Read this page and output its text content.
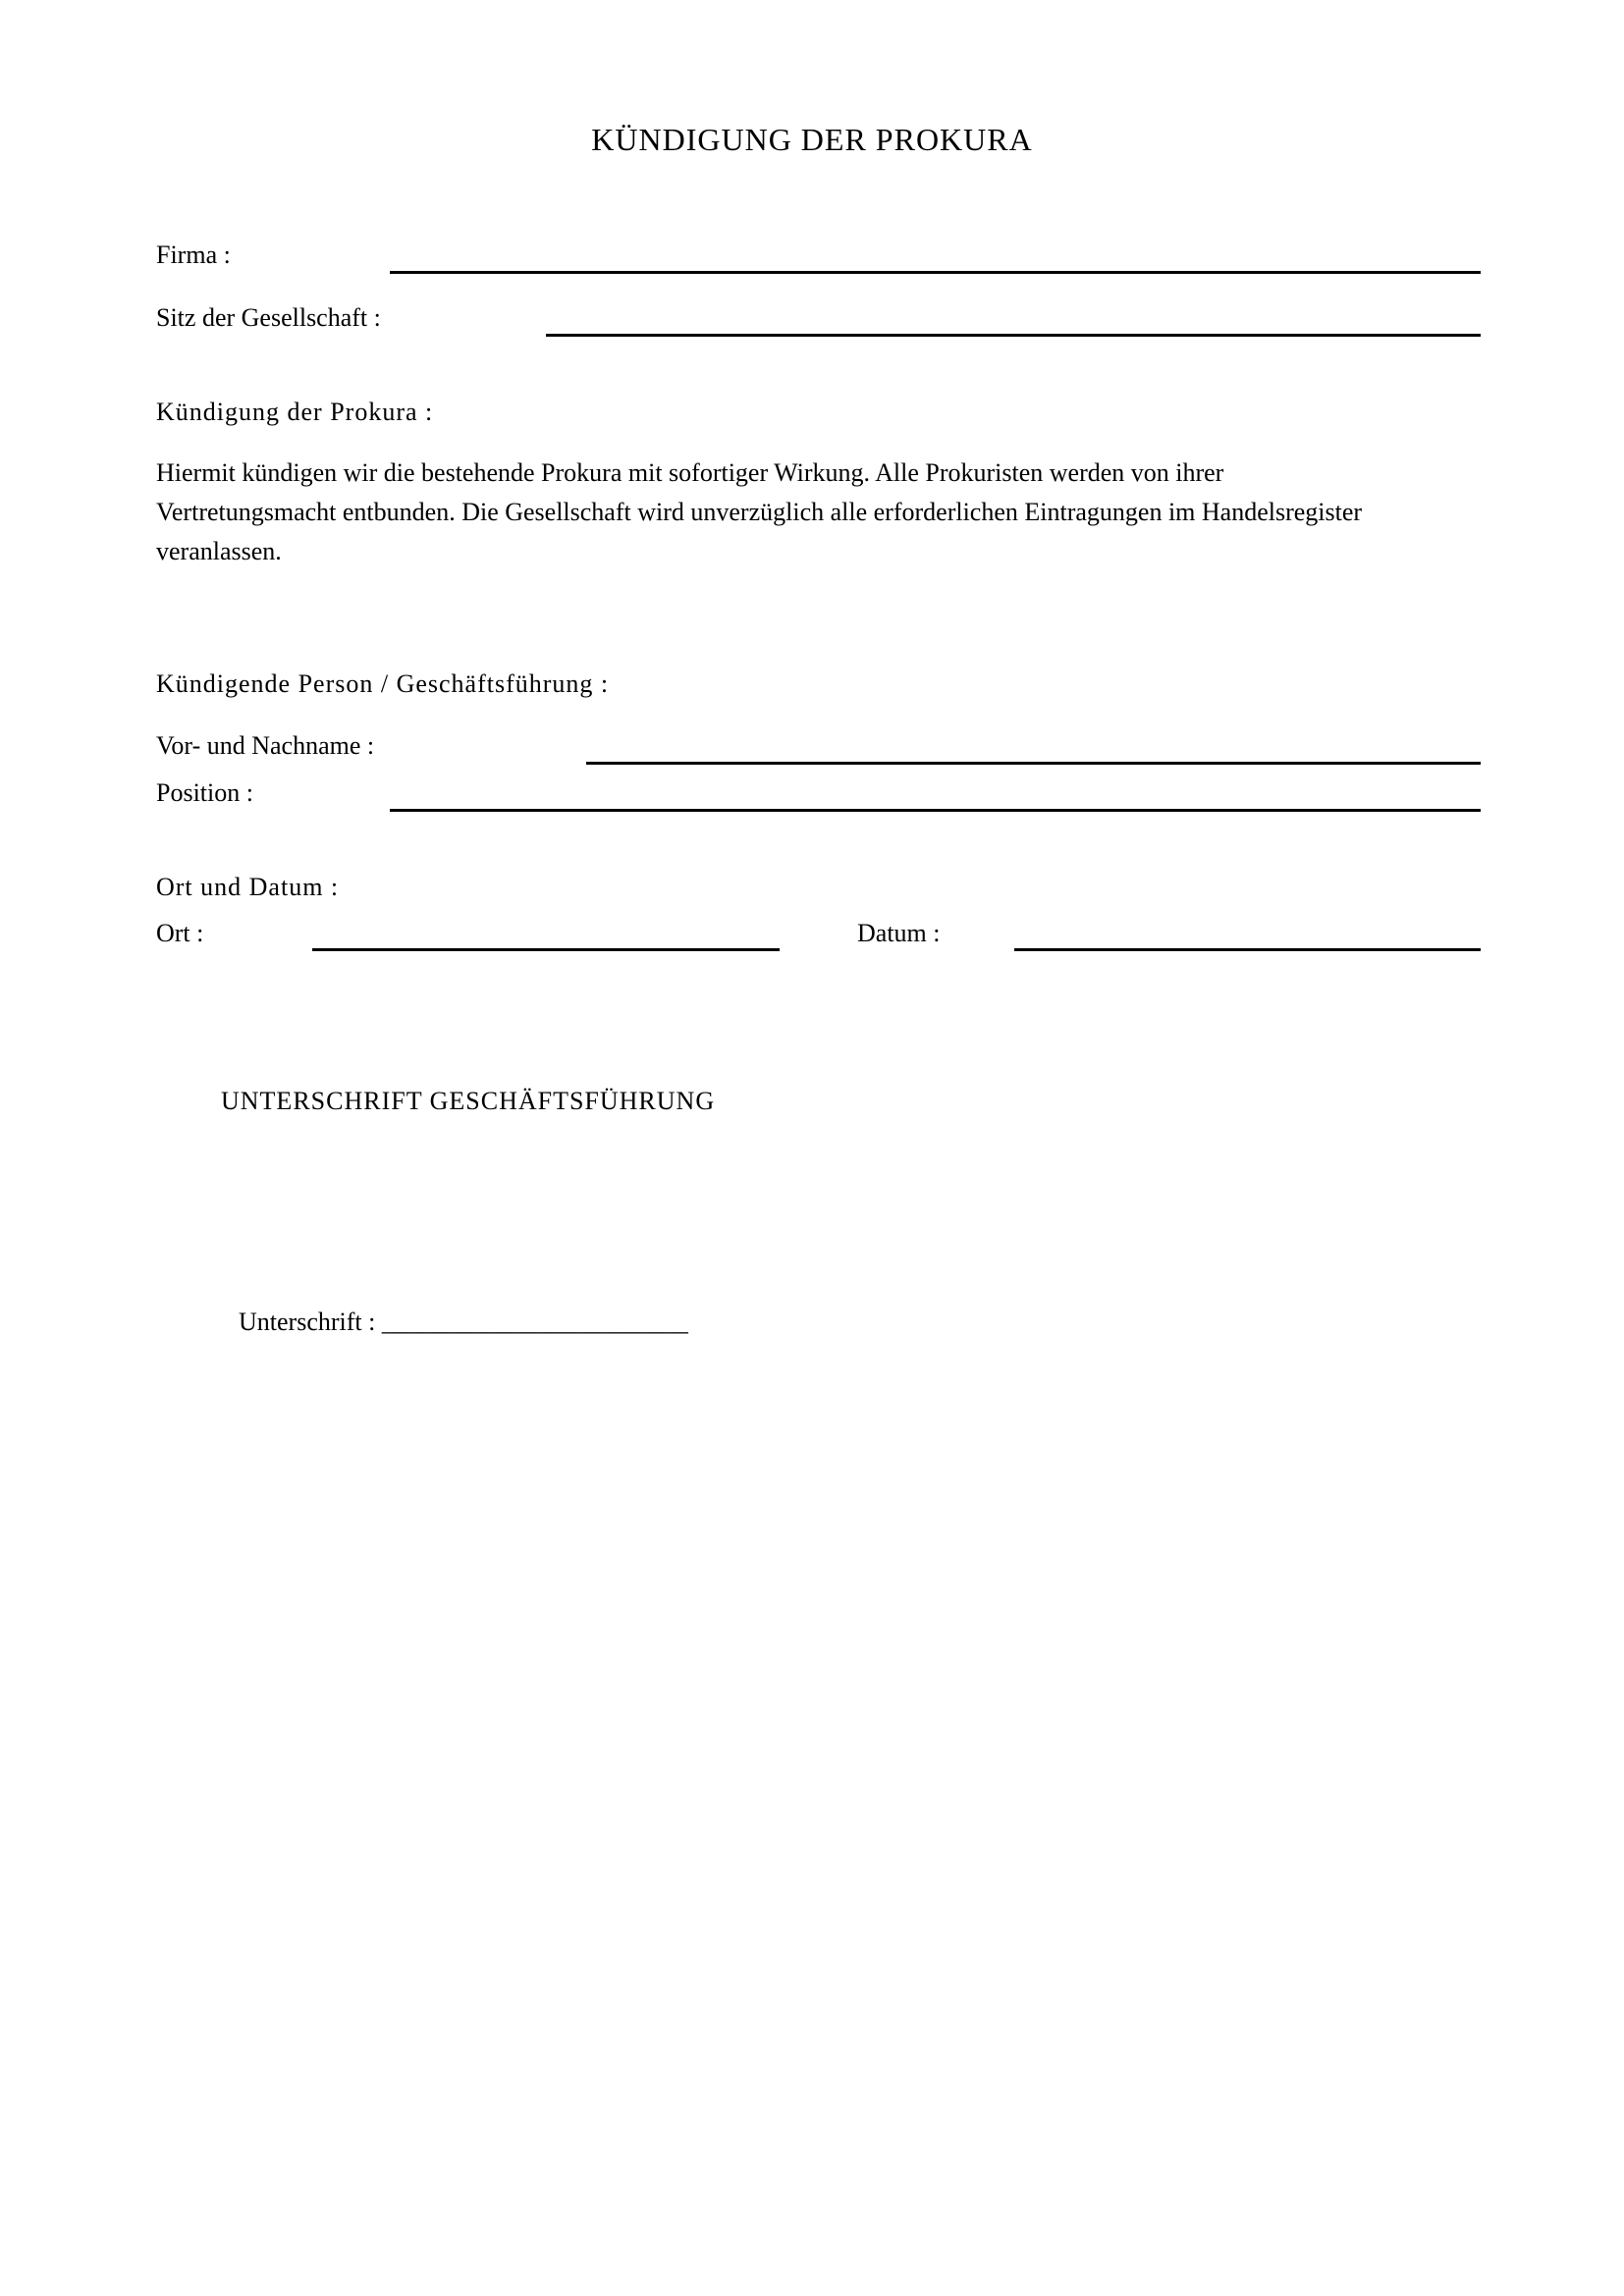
KÜNDIGUNG DER PROKURA
Firma :
Sitz der Gesellschaft :
Kündigung der Prokura :
Hiermit kündigen wir die bestehende Prokura mit sofortiger Wirkung. Alle Prokuristen werden von ihrer
Vertretungsmacht entbunden. Die Gesellschaft wird unverzüglich alle erforderlichen Eintragungen im Handelsregister
veranlassen.
Kündigende Person / Geschäftsführung :
Vor- und Nachname :
Position :
Ort und Datum :
Ort :	Datum :
UNTERSCHRIFT GESCHÄFTSFÜHRUNG
Unterschrift : ________________________
